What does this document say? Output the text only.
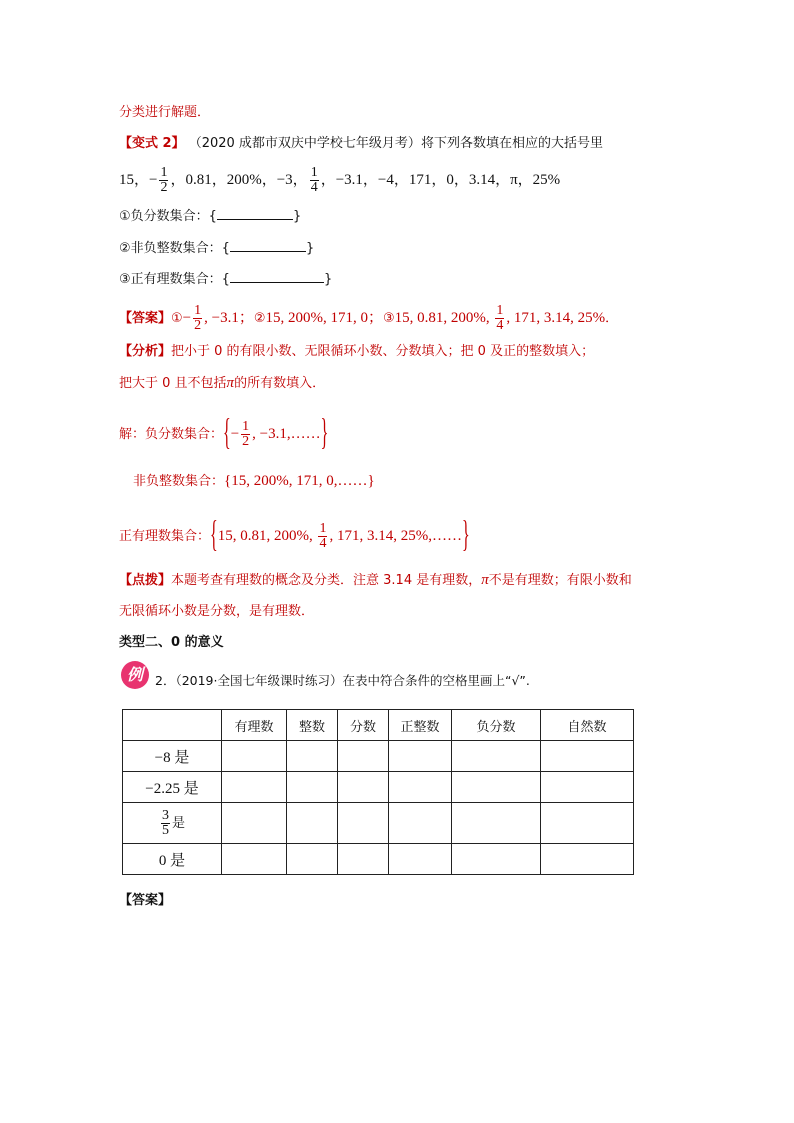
分类进行解题．
【变式 2】 （2020 成都市双庆中学校七年级月考）将下列各数填在相应的大括号里
15，− $\frac{1}{2}$ ，0.81，200%，−3， $\frac{1}{4}$ ，−3.1，−4，171，0，3.14，π，25%
①负分数集合：{	}
②非负整数集合：{	}
③正有理数集合：{	}
【答案】①− $\frac{1}{2}$ , −3.1；②15, 200%, 171, 0；③15, 0.81, 200%, $\frac{1}{4}$ , 171, 3.14, 25%．
【分析】把小于 0 的有限小数、无限循环小数、分数填入；把 0 及正的整数填入；
把大于 0 且不包括π的所有数填入．
解：负分数集合：{− $\frac{1}{2}$ , −3.1,……}
非负整数集合：{15, 200%, 171, 0,……}
正有理数集合：{15, 0.81, 200%, $\frac{1}{4}$ , 171, 3.14, 25%,……}
【点拨】本题考查有理数的概念及分类．注意 3.14 是有理数，π不是有理数；有限小数和
无限循环小数是分数，是有理数．
类型二、0 的意义
例 2．（2019·全国七年级课时练习）在表中符合条件的空格里画上“√”.
	有理数	整数	分数	正整数	负分数	自然数
−8 是						
−2.25 是						

$\frac{3}{5}$ 是						
0 是						
【答案】
